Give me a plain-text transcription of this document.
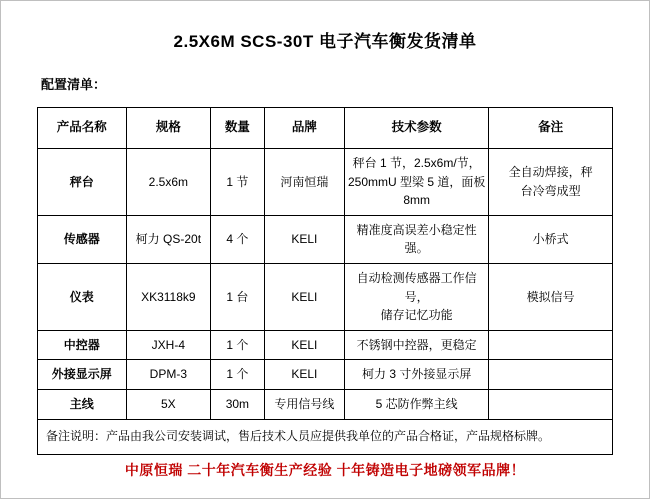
2.5X6M SCS-30T 电子汽车衡发货清单
配置清单：
产品名称	规格	数量	品牌	技术参数	备注
秤台	2.5x6m	1 节	河南恒瑞	秤台 1 节，2.5x6m/节，
250mmU 型梁 5 道，面板 8mm	全自动焊接，秤
台冷弯成型

传感器	柯力 QS-20t	4 个	KELI	精准度高误差小稳定性强。	小桥式
仪表	XK3118k9	1 台	KELI	自动检测传感器工作信号，
储存记忆功能	模拟信号
中控器	JXH-4	1 个	KELI	不锈钢中控器，更稳定	
外接显示屏	DPM-3	1 个	KELI	柯力 3 寸外接显示屏	
主线	5X	30m	专用信号线	5 芯防作弊主线	
备注说明：产品由我公司安装调试，售后技术人员应提供我单位的产品合格证，产品规格标牌。					
中原恒瑞 二十年汽车衡生产经验 十年铸造电子地磅领军品牌！
